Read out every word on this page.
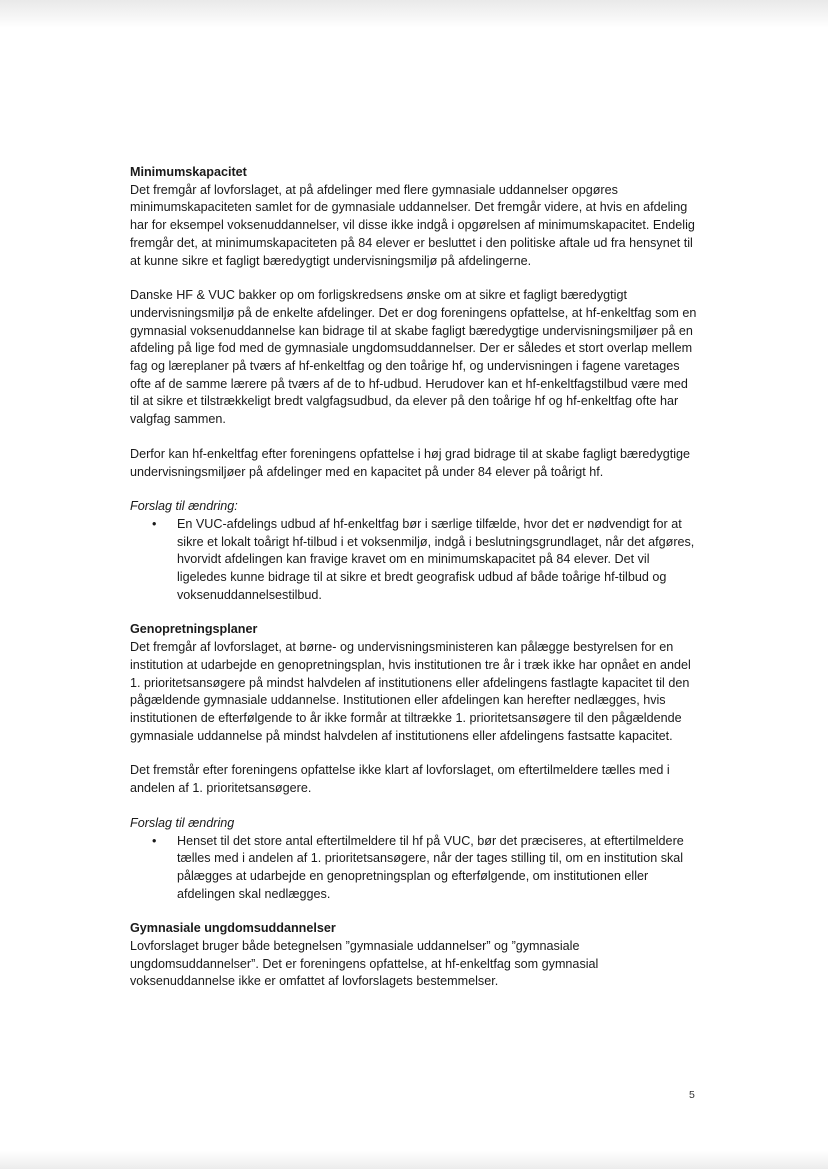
Minimumskapacitet

Det fremgår af lovforslaget, at på afdelinger med flere gymnasiale uddannelser opgøres minimumskapaciteten samlet for de gymnasiale uddannelser. Det fremgår videre, at hvis en afdeling har for eksempel voksenuddannelser, vil disse ikke indgå i opgørelsen af minimumskapacitet. Endelig fremgår det, at minimumskapaciteten på 84 elever er besluttet i den politiske aftale ud fra hensynet til at kunne sikre et fagligt bæredygtigt undervisningsmiljø på afdelingerne.

Danske HF & VUC bakker op om forligskredsens ønske om at sikre et fagligt bæredygtigt undervisningsmiljø på de enkelte afdelinger. Det er dog foreningens opfattelse, at hf-enkeltfag som en gymnasial voksenuddannelse kan bidrage til at skabe fagligt bæredygtige undervisningsmiljøer på en afdeling på lige fod med de gymnasiale ungdomsuddannelser. Der er således et stort overlap mellem fag og læreplaner på tværs af hf-enkeltfag og den toårige hf, og undervisningen i fagene varetages ofte af de samme lærere på tværs af de to hf-udbud. Herudover kan et hf-enkeltfagstilbud være med til at sikre et tilstrækkeligt bredt valgfagsudbud, da elever på den toårige hf og hf-enkeltfag ofte har valgfag sammen.

Derfor kan hf-enkeltfag efter foreningens opfattelse i høj grad bidrage til at skabe fagligt bæredygtige undervisningsmiljøer på afdelinger med en kapacitet på under 84 elever på toårigt hf.

Forslag til ændring:

• En VUC-afdelings udbud af hf-enkeltfag bør i særlige tilfælde, hvor det er nødvendigt for at sikre et lokalt toårigt hf-tilbud i et voksenmiljø, indgå i beslutningsgrundlaget, når det afgøres, hvorvidt afdelingen kan fravige kravet om en minimumskapacitet på 84 elever. Det vil ligeledes kunne bidrage til at sikre et bredt geografisk udbud af både toårige hf-tilbud og voksenuddannelsestilbud.

Genopretningsplaner

Det fremgår af lovforslaget, at børne- og undervisningsministeren kan pålægge bestyrelsen for en institution at udarbejde en genopretningsplan, hvis institutionen tre år i træk ikke har opnået en andel 1. prioritetsansøgere på mindst halvdelen af institutionens eller afdelingens fastlagte kapacitet til den pågældende gymnasiale uddannelse. Institutionen eller afdelingen kan herefter nedlægges, hvis institutionen de efterfølgende to år ikke formår at tiltrække 1. prioritetsansøgere til den pågældende gymnasiale uddannelse på mindst halvdelen af institutionens eller afdelingens fastsatte kapacitet.

Det fremstår efter foreningens opfattelse ikke klart af lovforslaget, om eftertilmeldere tælles med i andelen af 1. prioritetsansøgere.

Forslag til ændring

• Henset til det store antal eftertilmeldere til hf på VUC, bør det præciseres, at eftertilmeldere tælles med i andelen af 1. prioritetsansøgere, når der tages stilling til, om en institution skal pålægges at udarbejde en genopretningsplan og efterfølgende, om institutionen eller afdelingen skal nedlægges.

Gymnasiale ungdomsuddannelser

Lovforslaget bruger både betegnelsen ”gymnasiale uddannelser” og ”gymnasiale ungdomsuddannelser”. Det er foreningens opfattelse, at hf-enkeltfag som gymnasial voksenuddannelse ikke er omfattet af lovforslagets bestemmelser.

5
